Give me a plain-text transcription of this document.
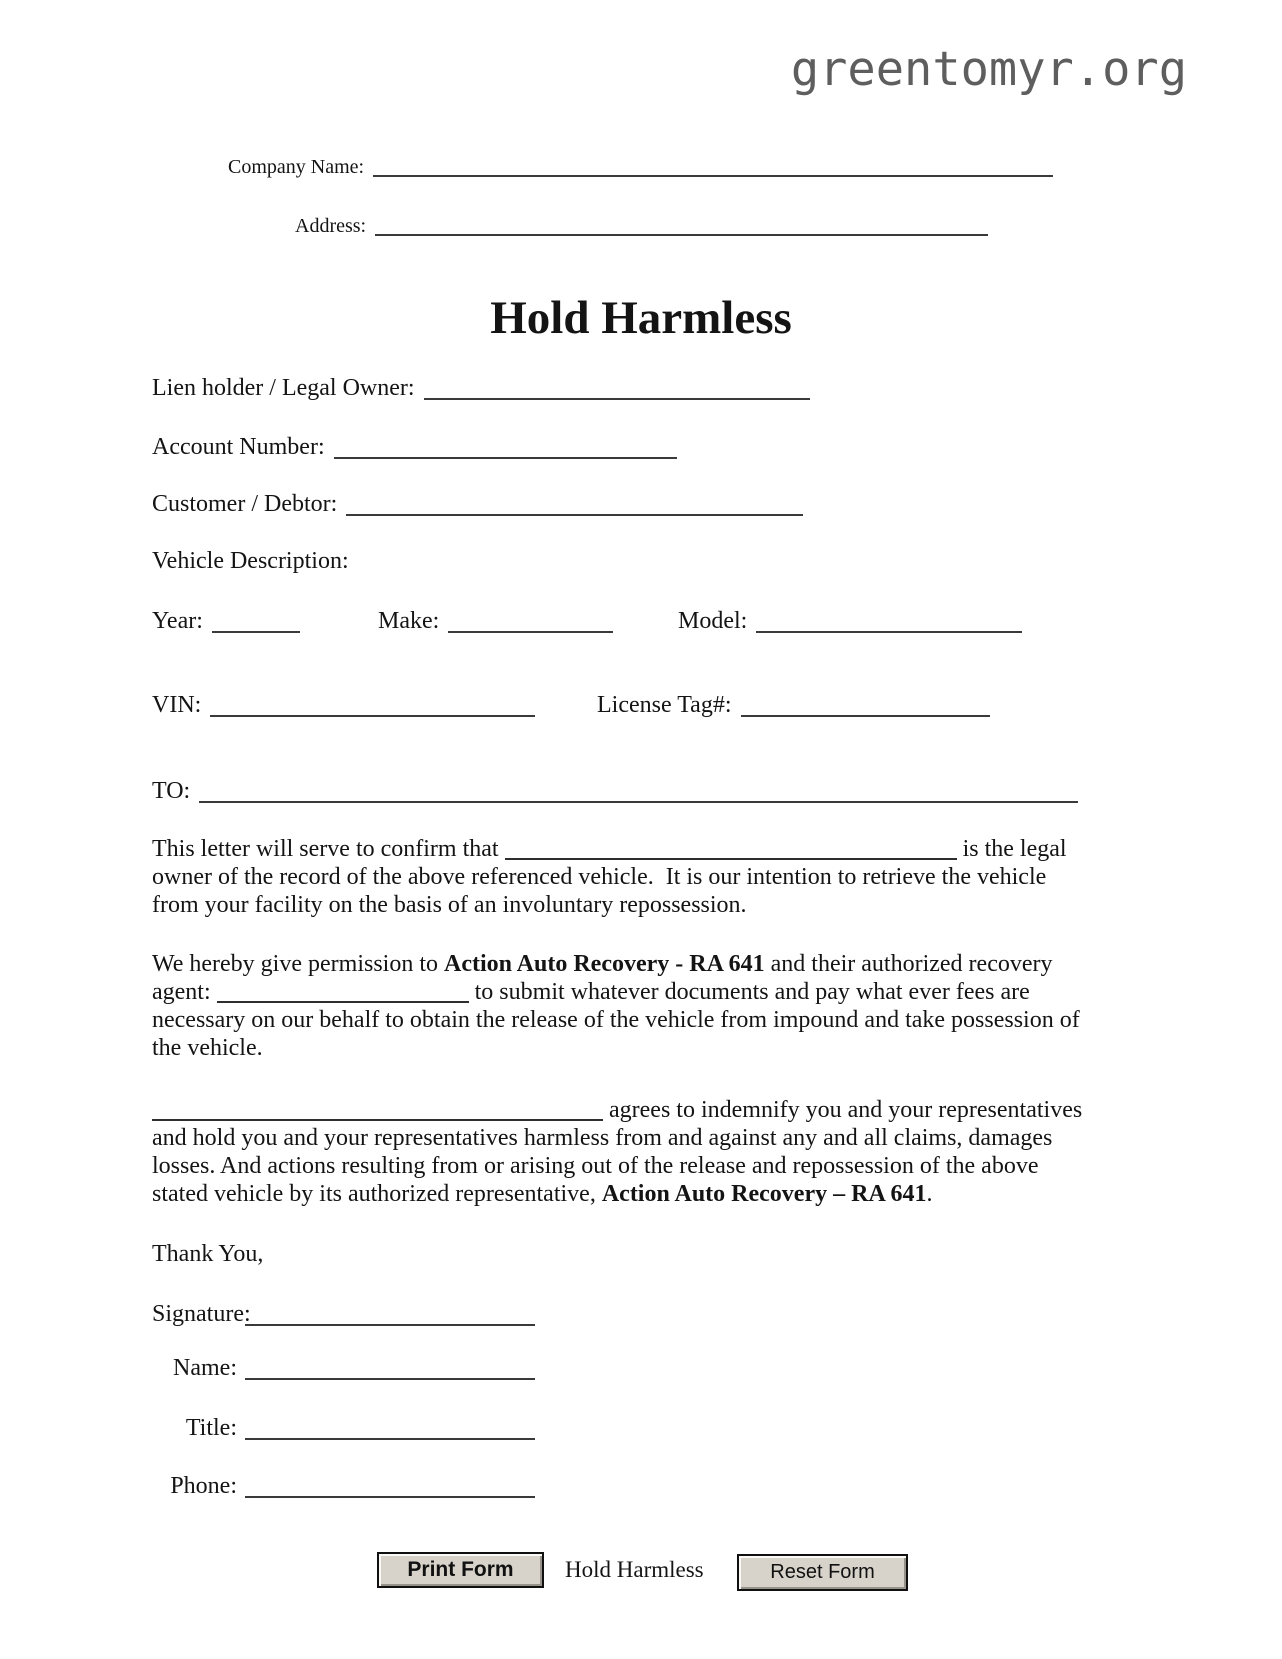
greentomyr.org
Company Name:
Address:
Hold Harmless
Lien holder / Legal Owner:
Account Number:
Customer / Debtor:
Vehicle Description:
Year:	Make:	Model:
VIN:	License Tag#:
TO:
This letter will serve to confirm that	is the legal
owner of the record of the above referenced vehicle.  It is our intention to retrieve the vehicle
from your facility on the basis of an involuntary repossession.
We hereby give permission to Action Auto Recovery - RA 641 and their authorized recovery
agent:	to submit whatever documents and pay what ever fees are
necessary on our behalf to obtain the release of the vehicle from impound and take possession of
the vehicle.
agrees to indemnify you and your representatives
and hold you and your representatives harmless from and against any and all claims, damages
losses. And actions resulting from or arising out of the release and repossession of the above
stated vehicle by its authorized representative, Action Auto Recovery – RA 641.
Thank You,
Signature:
Name:
Title:
Phone:
Print Form	Hold Harmless	Reset Form
